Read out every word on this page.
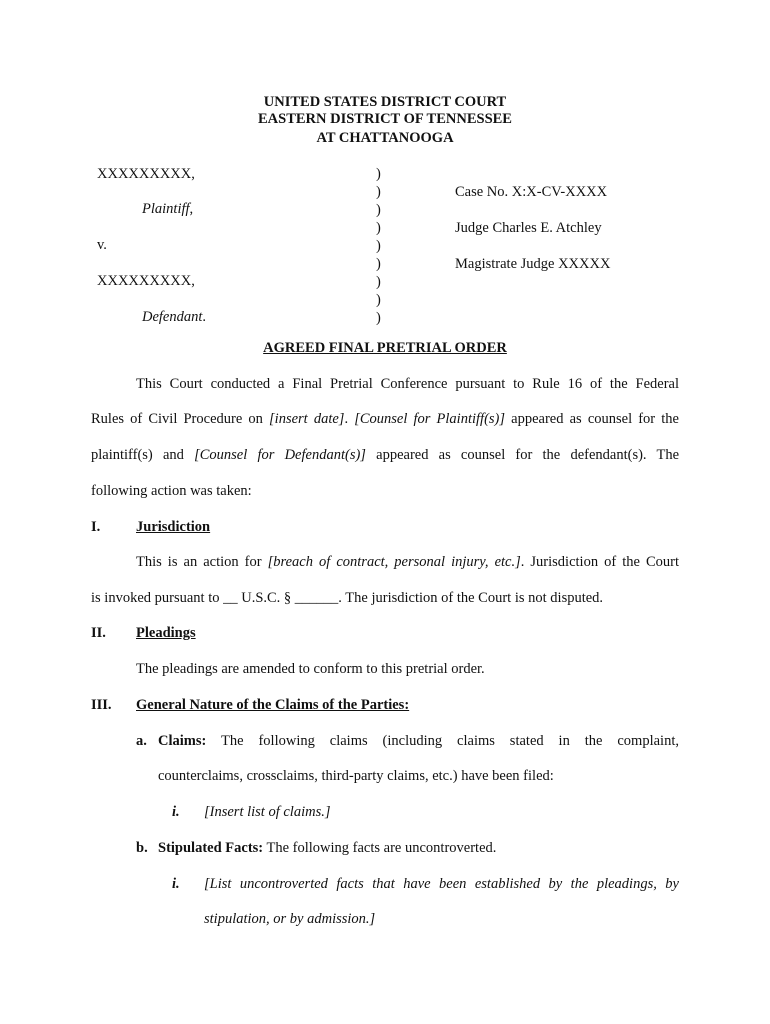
UNITED STATES DISTRICT COURT
EASTERN DISTRICT OF TENNESSEE
AT CHATTANOOGA
XXXXXXXXX,
Plaintiff,
v.
XXXXXXXXX,
Defendant.
)
)
)
)
)
)
)
)
)
Case No. X:X-CV-XXXX
Judge Charles E. Atchley
Magistrate Judge XXXXX
AGREED FINAL PRETRIAL ORDER
This Court conducted a Final Pretrial Conference pursuant to Rule 16 of the Federal
Rules of Civil Procedure on [insert date]. [Counsel for Plaintiff(s)] appeared as counsel for the
plaintiff(s) and [Counsel for Defendant(s)] appeared as counsel for the defendant(s). The
following action was taken:
I. Jurisdiction
This is an action for [breach of contract, personal injury, etc.]. Jurisdiction of the Court
is invoked pursuant to __ U.S.C. § ______. The jurisdiction of the Court is not disputed.
II. Pleadings
The pleadings are amended to conform to this pretrial order.
III. General Nature of the Claims of the Parties:
a. Claims: The following claims (including claims stated in the complaint,
counterclaims, crossclaims, third-party claims, etc.) have been filed:
i. [Insert list of claims.]
b. Stipulated Facts: The following facts are uncontroverted.
i. [List uncontroverted facts that have been established by the pleadings, by
stipulation, or by admission.]
